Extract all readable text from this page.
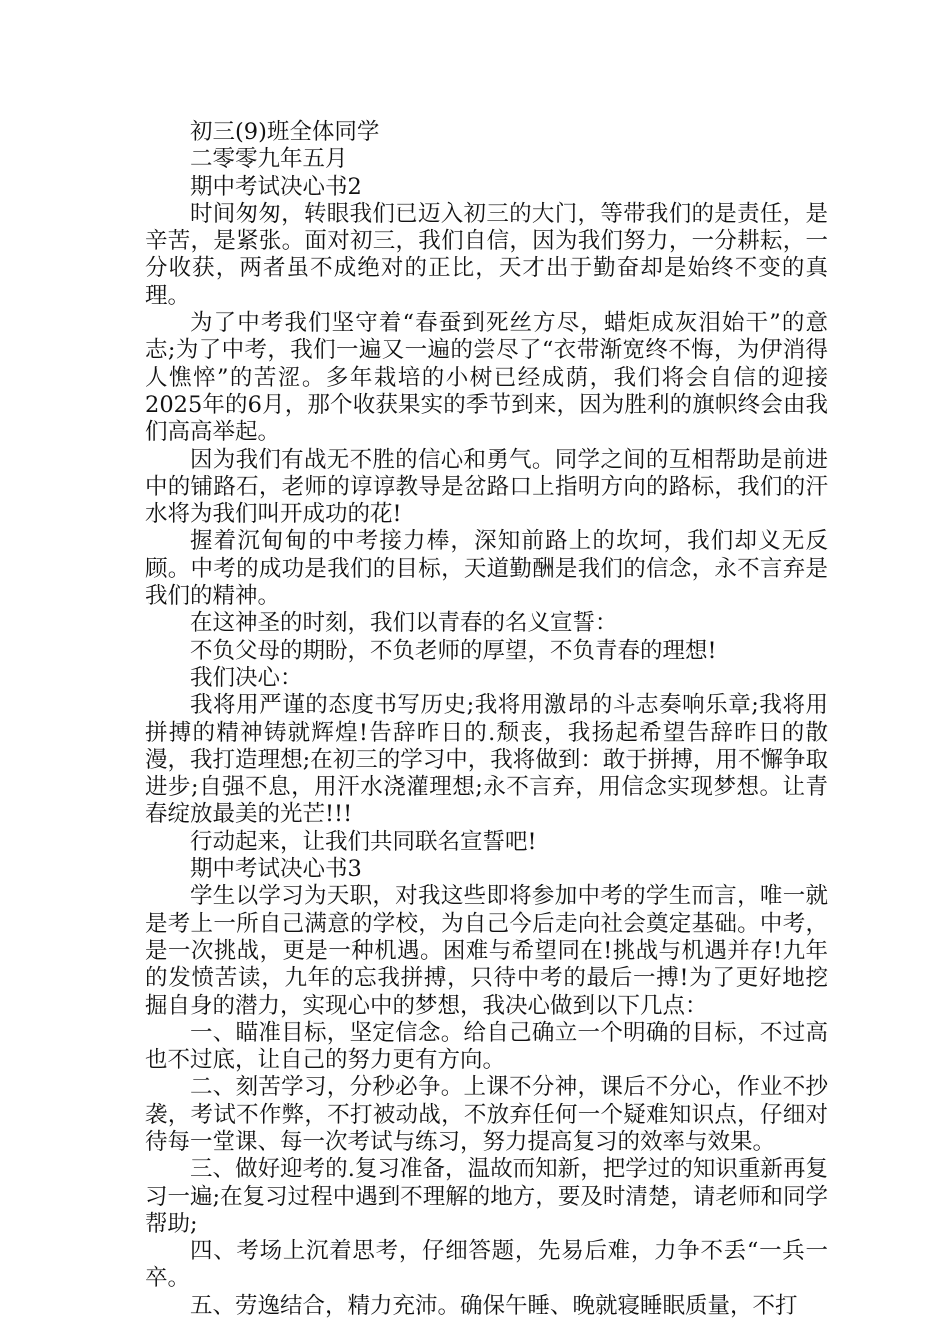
初三(9)班全体同学

二零零九年五月

期中考试决心书2

时间匆匆，转眼我们已迈入初三的大门，等带我们的是责任，是辛苦，是紧张。面对初三，我们自信，因为我们努力，一分耕耘，一分收获，两者虽不成绝对的正比，天才出于勤奋却是始终不变的真理。

为了中考我们坚守着“春蚕到死丝方尽，蜡炬成灰泪始干”的意志;为了中考，我们一遍又一遍的尝尽了“衣带渐宽终不悔，为伊消得人憔悴”的苦涩。多年栽培的小树已经成荫，我们将会自信的迎接2025年的6月，那个收获果实的季节到来，因为胜利的旗帜终会由我们高高举起。

因为我们有战无不胜的信心和勇气。同学之间的互相帮助是前进中的铺路石，老师的谆谆教导是岔路口上指明方向的路标，我们的汗水将为我们叫开成功的花!

握着沉甸甸的中考接力棒，深知前路上的坎坷，我们却义无反顾。中考的成功是我们的目标，天道勤酬是我们的信念，永不言弃是我们的精神。

在这神圣的时刻，我们以青春的名义宣誓：

不负父母的期盼，不负老师的厚望，不负青春的理想!

我们决心：

我将用严谨的态度书写历史;我将用激昂的斗志奏响乐章;我将用拼搏的精神铸就辉煌!告辞昨日的.颓丧，我扬起希望告辞昨日的散漫，我打造理想;在初三的学习中，我将做到：敢于拼搏，用不懈争取进步;自强不息，用汗水浇灌理想;永不言弃，用信念实现梦想。让青春绽放最美的光芒!!!

行动起来，让我们共同联名宣誓吧!

期中考试决心书3

学生以学习为天职，对我这些即将参加中考的学生而言，唯一就是考上一所自己满意的学校，为自己今后走向社会奠定基础。中考，是一次挑战，更是一种机遇。困难与希望同在!挑战与机遇并存!九年的发愤苦读，九年的忘我拼搏，只待中考的最后一搏!为了更好地挖掘自身的潜力，实现心中的梦想，我决心做到以下几点：

一、瞄准目标，坚定信念。给自己确立一个明确的目标，不过高也不过底，让自己的努力更有方向。

二、刻苦学习，分秒必争。上课不分神，课后不分心，作业不抄袭，考试不作弊，不打被动战，不放弃任何一个疑难知识点，仔细对待每一堂课、每一次考试与练习，努力提高复习的效率与效果。

三、做好迎考的.复习准备，温故而知新，把学过的知识重新再复习一遍;在复习过程中遇到不理解的地方，要及时清楚，请老师和同学帮助;

四、考场上沉着思考，仔细答题，先易后难，力争不丢“一兵一卒。

五、劳逸结合，精力充沛。确保午睡、晚就寝睡眠质量，不打
